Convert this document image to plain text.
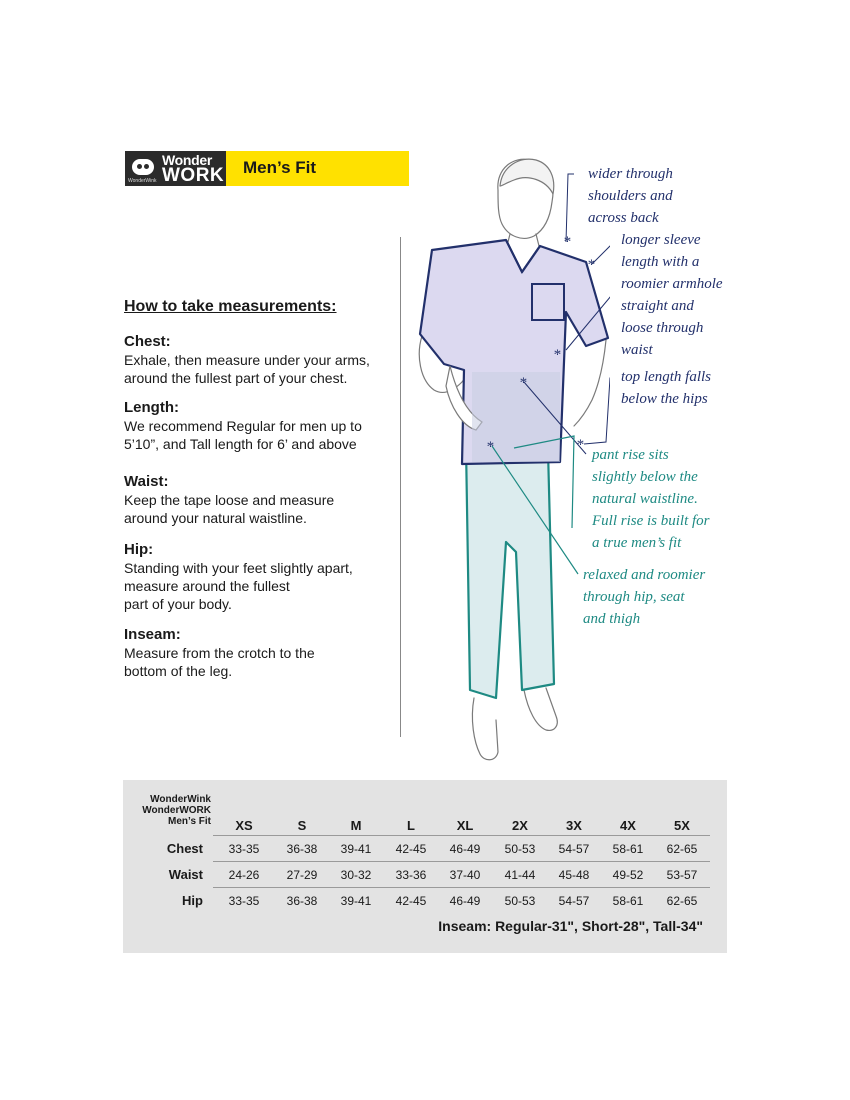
WonderWink
Wonder
WORK Men’s Fit
How to take measurements:
Chest:

Exhale, then measure under your arms,

around the fullest part of your chest.

Length:

We recommend Regular for men up to

5’10”, and Tall length for 6’ and above

Waist:

Keep the tape loose and measure

around your natural waistline.

Hip:

Standing with your feet slightly apart,

measure around the fullest

part of your body.

Inseam:

Measure from the crotch to the

bottom of the leg.

*
*
*
*
*
*
wider through
shoulders and
across back
longer sleeve
length with a
roomier armhole
straight and
loose through
waist
top length falls
below the hips
pant rise sits
slightly below the
natural waistline.
Full rise is built for
a true men’s fit
relaxed and roomier
through hip, seat
and thigh
WonderWink
WonderWORK
Men’s Fit	XS	S	M	L	XL	2X	3X	4X	5X
Chest	33-35	36-38	39-41	42-45	46-49	50-53	54-57	58-61	62-65
Waist	24-26	27-29	30-32	33-36	37-40	41-44	45-48	49-52	53-57
Hip	33-35	36-38	39-41	42-45	46-49	50-53	54-57	58-61	62-65
Inseam: Regular-31", Short-28", Tall-34"
